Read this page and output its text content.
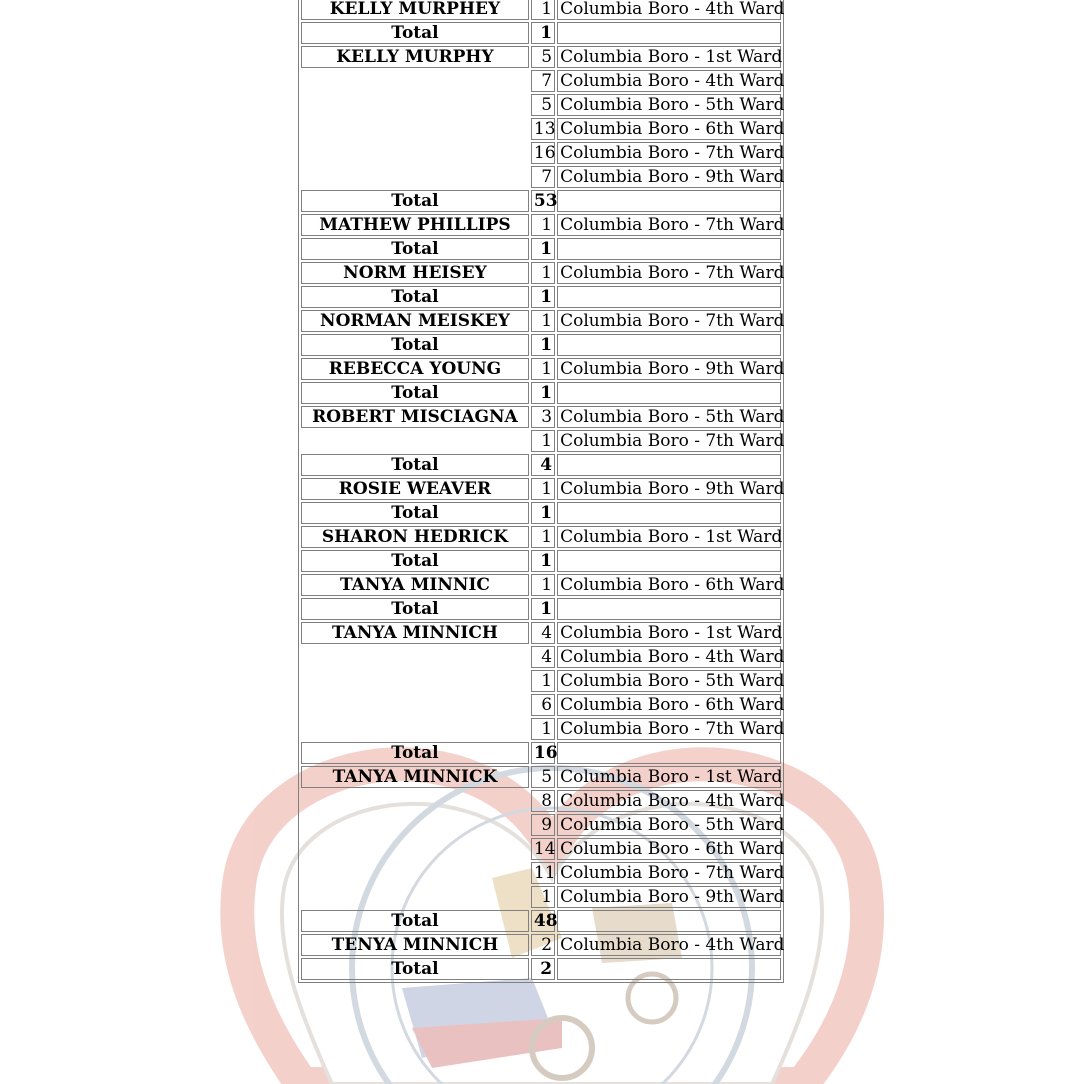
KELLY MURPHEY	1	Columbia Boro - 4th Ward
Total	1	
KELLY MURPHY	5	Columbia Boro - 1st Ward
	7	Columbia Boro - 4th Ward
	5	Columbia Boro - 5th Ward
	13	Columbia Boro - 6th Ward
	16	Columbia Boro - 7th Ward
	7	Columbia Boro - 9th Ward
Total	53	
MATHEW PHILLIPS	1	Columbia Boro - 7th Ward
Total	1	
NORM HEISEY	1	Columbia Boro - 7th Ward
Total	1	
NORMAN MEISKEY	1	Columbia Boro - 7th Ward
Total	1	
REBECCA YOUNG	1	Columbia Boro - 9th Ward
Total	1	
ROBERT MISCIAGNA	3	Columbia Boro - 5th Ward
	1	Columbia Boro - 7th Ward
Total	4	
ROSIE WEAVER	1	Columbia Boro - 9th Ward
Total	1	
SHARON HEDRICK	1	Columbia Boro - 1st Ward
Total	1	
TANYA MINNIC	1	Columbia Boro - 6th Ward
Total	1	
TANYA MINNICH	4	Columbia Boro - 1st Ward
	4	Columbia Boro - 4th Ward
	1	Columbia Boro - 5th Ward
	6	Columbia Boro - 6th Ward
	1	Columbia Boro - 7th Ward
Total	16	
TANYA MINNICK	5	Columbia Boro - 1st Ward
	8	Columbia Boro - 4th Ward
	9	Columbia Boro - 5th Ward
	14	Columbia Boro - 6th Ward
	11	Columbia Boro - 7th Ward
	1	Columbia Boro - 9th Ward
Total	48	
TENYA MINNICH	2	Columbia Boro - 4th Ward
Total	2	
